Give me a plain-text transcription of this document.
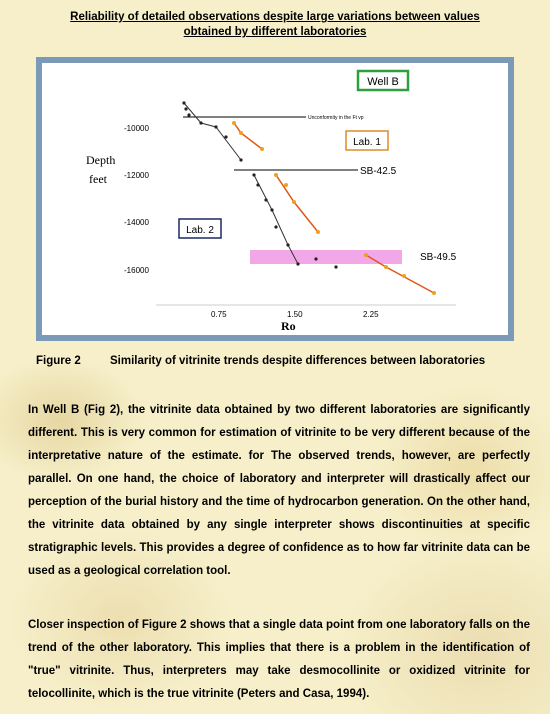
Reliability of detailed observations despite large variations between values
obtained by different laboratories
Well B
Lab. 1
Lab. 2
Depth
feet
-10000
-12000
-14000
-16000
0.75	1.50	2.25
Ro
Unconformity in the Ft vp
SB-42.5
SB-49.5
Figure 2	Similarity of vitrinite trends despite differences between laboratories

In Well B (Fig 2), the vitrinite data obtained by two different laboratories are significantly different. This is very common for estimation of vitrinite to be very different because of the interpretative nature of the estimate. for The observed trends, however, are perfectly parallel. On one hand, the choice of laboratory and interpreter will drastically affect our perception of the burial history and the time of hydrocarbon generation. On the other hand, the vitrinite data obtained by any single interpreter shows discontinuities at specific stratigraphic levels. This provides a degree of confidence as to how far vitrinite data can be used as a geological correlation tool.

Closer inspection of Figure 2 shows that a single data point from one laboratory falls on the trend of the other laboratory. This implies that there is a problem in the identification of "true" vitrinite. Thus, interpreters may take desmocollinite or oxidized vitrinite for telocollinite, which is the true vitrinite (Peters and Casa, 1994).
